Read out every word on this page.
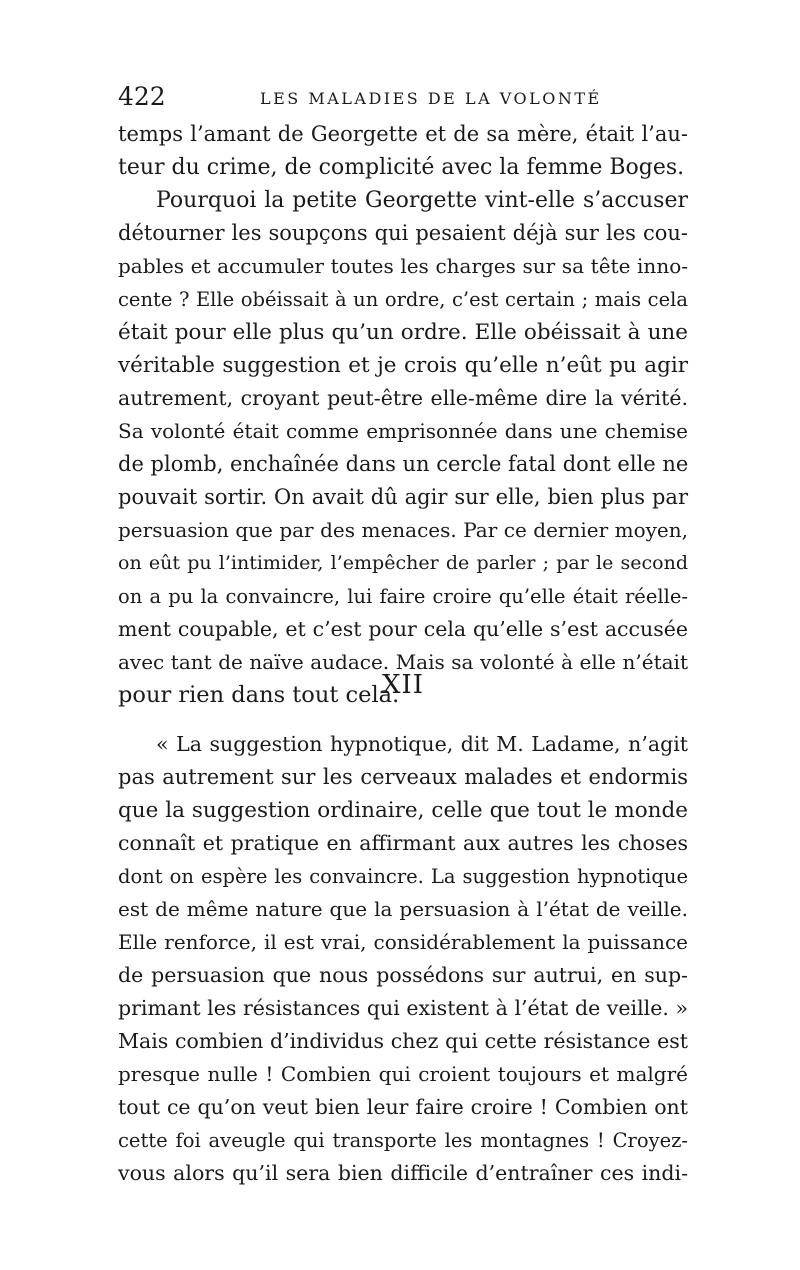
422	LES MALADIES DE LA VOLONTÉ
temps l’amant de Georgette et de sa mère, était l’au-
teur du crime, de complicité avec la femme Boges.
Pourquoi la petite Georgette vint-elle s’accuser
détourner les soupçons qui pesaient déjà sur les cou-
pables et accumuler toutes les charges sur sa tête inno-
cente ? Elle obéissait à un ordre, c’est certain ; mais cela
était pour elle plus qu’un ordre. Elle obéissait à une
véritable suggestion et je crois qu’elle n’eût pu agir
autrement, croyant peut-être elle-même dire la vérité.
Sa volonté était comme emprisonnée dans une chemise
de plomb, enchaînée dans un cercle fatal dont elle ne
pouvait sortir. On avait dû agir sur elle, bien plus par
persuasion que par des menaces. Par ce dernier moyen,
on eût pu l’intimider, l’empêcher de parler ; par le second
on a pu la convaincre, lui faire croire qu’elle était réelle-
ment coupable, et c’est pour cela qu’elle s’est accusée
avec tant de naïve audace. Mais sa volonté à elle n’était
pour rien dans tout cela.
XII
« La suggestion hypnotique, dit M. Ladame, n’agit
pas autrement sur les cerveaux malades et endormis
que la suggestion ordinaire, celle que tout le monde
connaît et pratique en affirmant aux autres les choses
dont on espère les convaincre. La suggestion hypnotique
est de même nature que la persuasion à l’état de veille.
Elle renforce, il est vrai, considérablement la puissance
de persuasion que nous possédons sur autrui, en sup-
primant les résistances qui existent à l’état de veille. »
Mais combien d’individus chez qui cette résistance est
presque nulle ! Combien qui croient toujours et malgré
tout ce qu’on veut bien leur faire croire ! Combien ont
cette foi aveugle qui transporte les montagnes ! Croyez-
vous alors qu’il sera bien difficile d’entraîner ces indi-
